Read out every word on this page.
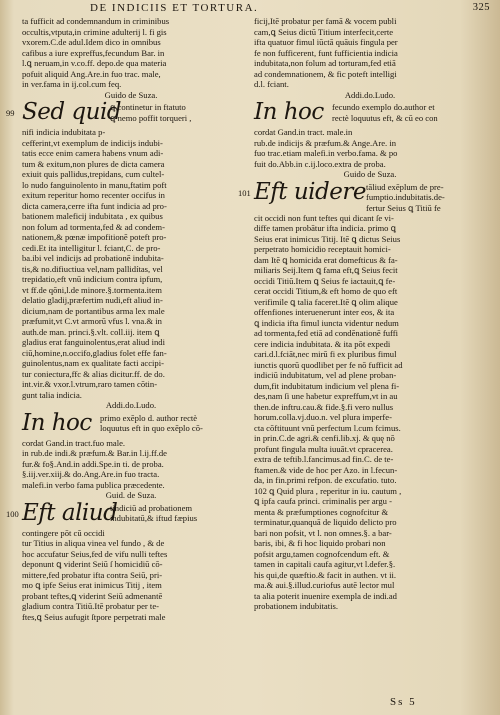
DE INDICIIS ET TORTURA.	325
ta fufficit ad condemnandum in criminibus
occultis,vtputa,in crimine adulterij l. fi gis
vxorem.C.de adul.Idem dico in omnibus
cafibus a iure expreffus,fecundum Bar. in
l.ꝗ neruam,in v.co.ff. depo.de qua materia
pofuit aliquid Ang.Are.in fuo trac. male,
in ver.fama in ij.col.cum feq.
Guido de Suza.
99 Sed quid
ꝗ continetur in ftatuto
ꝗ nemo poffit torqueri ,
nifi indicia indubitata p-
cefferint,vt exemplum de indicijs indubi-
tatis ecce enim camera habens vnum adi-
tum & exitum,non plures de dicta camera
exiuit quis pallidus,trepidans, cum cultel-
lo nudo fanguinolento in manu,ftatim poft
exitum reperitur homo recenter occifus in
dicta camera,cerre ifta funt indicia ad pro-
bationem maleficij indubitata , ex quibus
non folum ad tormenta,fed & ad condem-
nationem,& pœnæ impofitionē poteft pro-
cedi.Et ita intelligitur l. fciant,C. de pro-
ba.ibi vel indicijs ad probationē indubita-
tis,& no.difiuctiua vel,nam pallidítas, vel
trepidatio,eft vnū indicium contra ipfum,
vt ff.de qōni,l.de minore.§.tormenta.item
delatio gladij,præfertim nudi,eft aliud in-
dicium,nam de portantibus arma lex male
præfumit,vt C.vt armorū vfus l. vna.& in
auth.de man. princi.§.vlt. coll.iij. item ꝗ
gladius erat fanguinolentus,erat aliud indi
ciū,homine,n.occifo,gladius folet effe fan-
guinolentus,nam ex qualitate facti accipi-
tur coniectura,ffc & alias dicitur.ff. de do.
int.vir.& vxor.l.vtrum,raro tamen cōtin-
gunt talia indicia.
Addi.do.Ludo.
In hoc primo exēplo d. author rectè
loquutus eft in quo exēplo cō-
cordat Gand.in tract.fuo male.
in rub.de indi.& præfum.& Bar.in l.ij.ff.de
fur.& fo§.And.in addi.Spe.in ti. de proba.
§.iij.ver.xiij.& do.Ang.Are.in fuo tracta.
malefi.in verbo fama publica præcedente.
Guid. de Suza.
100 Eft aliud
tindiciū ad probationem
indubitatū,& iftud fæpius
contingere pōt cū occidi
tur Titius in aliqua vinea vel fundo , & de
hoc accufatur Seius,fed de vifu nulli teftes
deponunt ꝗ viderint Seiū ſ homicidiū cō-
mittere,fed probatur ifta contra Seiū, pri-
mo ꝗ ipfe Seius erat inimicus Titij , item
probant teftes,ꝗ viderint Seiū admenantē
gladium contra Titiū.Itē probatur per te-
ftes,ꝗ Seius aufugit ſtpore perpetrati male
ficij,Itē probatur per famā & vocem publi
cam,ꝗ Seius dictū Titium interfecit,certe
ifta quatuor fimul iūctā quāuis fingula per
fe non fufficerent, funt fufficientia indicia
indubitata,non folum ad torturam,fed etiā
ad condemnationem, & fic poteft intelligi
d.l. fciant.
Addi.do.Ludo.
In hoc fecundo exemplo do.author et
rectè loquutus eft, & cū eo con
cordat Gand.in tract. male.in
rub.de indicijs & præfum.& Ange.Are. in
fuo trac.etiam malefi.in verbo.fama. & po
fuit do.Abb.in c.ij.loco.extra de proba.
Guido de Suza.
101 Eft uidere tāliud exēplum de pre-
fumptio.indubitatis.de-
fertur Seius ꝗ Titiū fe
cit occidi non funt teftes qui dicant ſe vi-
diffe tamen probātur ifta indicia. primo ꝗ
Seius erat inimicus Titij. Itē ꝗ dictus Seius
perpetrato homicidio receptauit homici-
dam Itē ꝗ homicida erat domefticus & fa-
miliaris Seij.Item ꝗ fama eft,ꝗ Seius fecit
occidi Titiū.Item ꝗ Seius fe iactauit,ꝗ fe-
cerat occidi Titium,& eft homo de quo eft
verifimile ꝗ talia faceret.Itē ꝗ olim alique
offenfiones interuenerunt inter eos, & ita
ꝗ indicia ifta fimul iuncta videntur nedum
ad tormenta,fed etiā ad condēnationē fuffi
cere indicia indubitata. & ita pōt expedi
cari.d.l.fciāt,nec mirū fi ex pluribus fimul
iunctis quorū quodlibet per fe nō fufficit ad
indiciū indubitatum, vel ad plene proban-
dum,fit indubitatum indicium vel plena fi-
des,nam ſi une habetur expreffum,vt in au
then.de inftru.cau.& fide.§.fi vero nullus
horum.colla.vj.duo.n. vel plura imperfe-
cta cōftituunt vnū perfectum l.cum fcimus.
in prin.C.de agri.& cenfi.lib.xj. & quę nō
profunt fingula multa iuuāt.vt cpracerea.
extra de teftib.l.fancimus.ad fin.C. de te-
ftamen.& vide de hoc per Azo. in l.fecun-
da, in fin.primi refpon. de excufatio. tuto.
102 ꝗ Quid plura , reperitur in iu. cautum ,
ꝗ ipfa caufa princi. criminalis per argu -
menta & præfumptiones cognofcitur &
terminatur,quanquā de liquido delicto pro
bari non pofsit, vt l. non omnes.§. a bar-
baris, ibi, & fi hoc liquido probari non
pofsit argu,tamen cognofcendum eft. &
tamen in capitali caufa agitur,vt l.defer.§.
his qui,de quæftio.& facit in authen. vt ii.
ma.& aui.§.illud.curiofus autē lector mul
ta alia poterit inuenire exempla de indi.ad
probationem indubitatis.
Ss 5
